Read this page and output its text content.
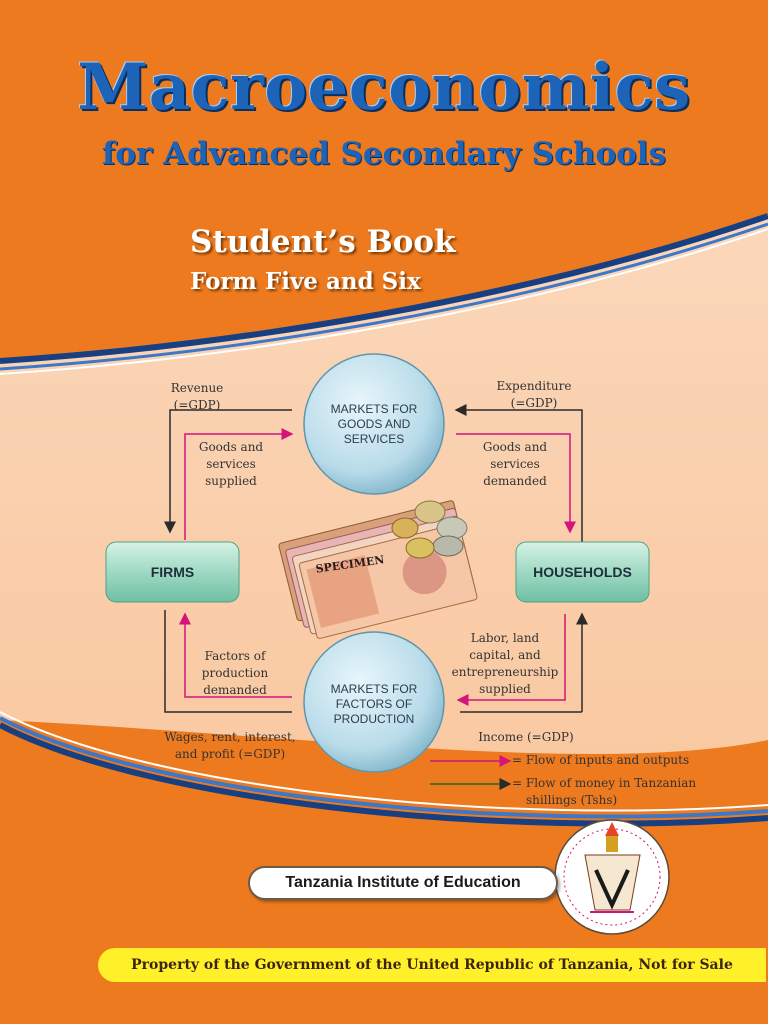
Macroeconomics
for Advanced Secondary Schools
Student’s Book
Form Five and Six
MARKETS FOR
GOODS AND
SERVICES
MARKETS FOR
FACTORS OF
PRODUCTION
FIRMS	HOUSEHOLDS
Revenue
(=GDP)
Expenditure
(=GDP)
Goods and
services
supplied
Goods and
services
demanded
Factors of
production
demanded
Labor, land
capital, and
entrepreneurship
supplied
Wages, rent, interest,
and profit (=GDP)
Income (=GDP)
= Flow of inputs and outputs
= Flow of money in Tanzanian
shillings (Tshs)
SPECIMEN
Tanzania Institute of Education
Property of the Government of the United Republic of Tanzania, Not for Sale
